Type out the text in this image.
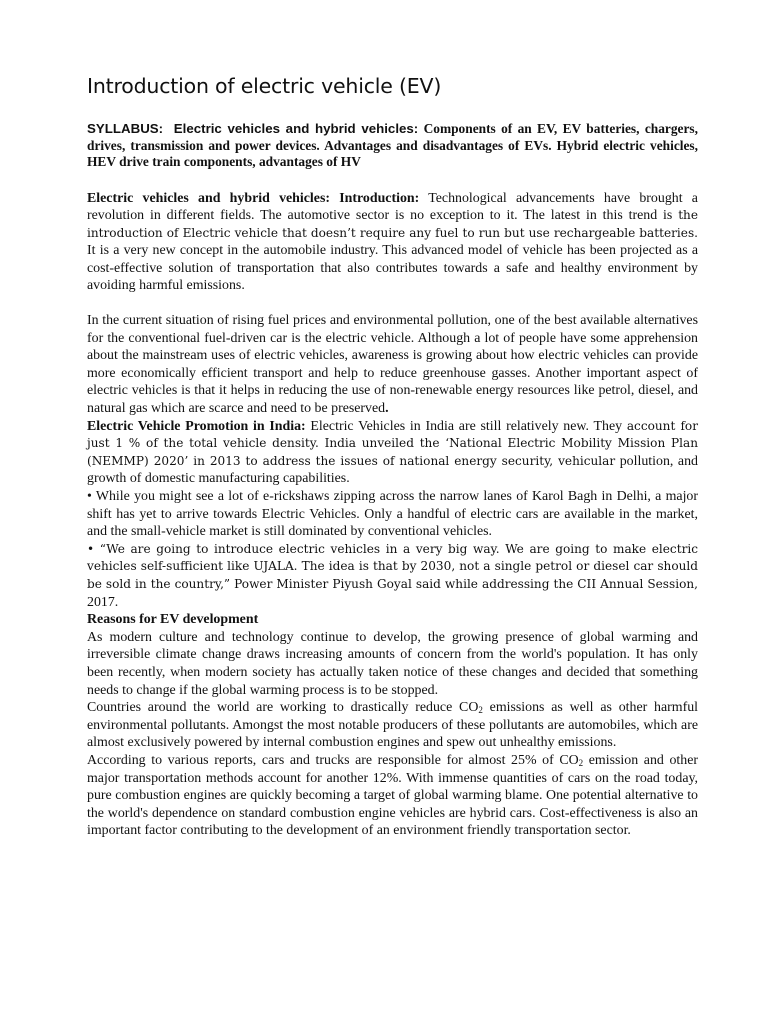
Introduction of electric vehicle (EV)
SYLLABUS: Electric vehicles and hybrid vehicles: Components of an EV, EV batteries, chargers, drives, transmission and power devices. Advantages and disadvantages of EVs. Hybrid electric vehicles, HEV drive train components, advantages of HV

Electric vehicles and hybrid vehicles: Introduction: Technological advancements have brought a revolution in different fields. The automotive sector is no exception to it. The latest in this trend is the introduction of Electric vehicle that doesn’t require any fuel to run but use rechargeable batteries. It is a very new concept in the automobile industry. This advanced model of vehicle has been projected as a cost-effective solution of transportation that also contributes towards a safe and healthy environment by avoiding harmful emissions.

In the current situation of rising fuel prices and environmental pollution, one of the best available alternatives for the conventional fuel-driven car is the electric vehicle. Although a lot of people have some apprehension about the mainstream uses of electric vehicles, awareness is growing about how electric vehicles can provide more economically efficient transport and help to reduce greenhouse gasses. Another important aspect of electric vehicles is that it helps in reducing the use of non-renewable energy resources like petrol, diesel, and natural gas which are scarce and need to be preserved.

Electric Vehicle Promotion in India: Electric Vehicles in India are still relatively new. They account for just 1 % of the total vehicle density. India unveiled the ‘National Electric Mobility Mission Plan (NEMMP) 2020’ in 2013 to address the issues of national energy security, vehicular pollution, and growth of domestic manufacturing capabilities.

• While you might see a lot of e-rickshaws zipping across the narrow lanes of Karol Bagh in Delhi, a major shift has yet to arrive towards Electric Vehicles. Only a handful of electric cars are available in the market, and the small-vehicle market is still dominated by conventional vehicles.

• “We are going to introduce electric vehicles in a very big way. We are going to make electric vehicles self-sufficient like UJALA. The idea is that by 2030, not a single petrol or diesel car should be sold in the country,” Power Minister Piyush Goyal said while addressing the CII Annual Session, 2017.

Reasons for EV development

As modern culture and technology continue to develop, the growing presence of global warming and irreversible climate change draws increasing amounts of concern from the world's population. It has only been recently, when modern society has actually taken notice of these changes and decided that something needs to change if the global warming process is to be stopped.

Countries around the world are working to drastically reduce $CO_2$ emissions as well as other harmful environmental pollutants. Amongst the most notable producers of these pollutants are automobiles, which are almost exclusively powered by internal combustion engines and spew out unhealthy emissions.

According to various reports, cars and trucks are responsible for almost 25% of $CO_2$ emission and other major transportation methods account for another 12%. With immense quantities of cars on the road today, pure combustion engines are quickly becoming a target of global warming blame. One potential alternative to the world's dependence on standard combustion engine vehicles are hybrid cars. Cost-effectiveness is also an important factor contributing to the development of an environment friendly transportation sector.
